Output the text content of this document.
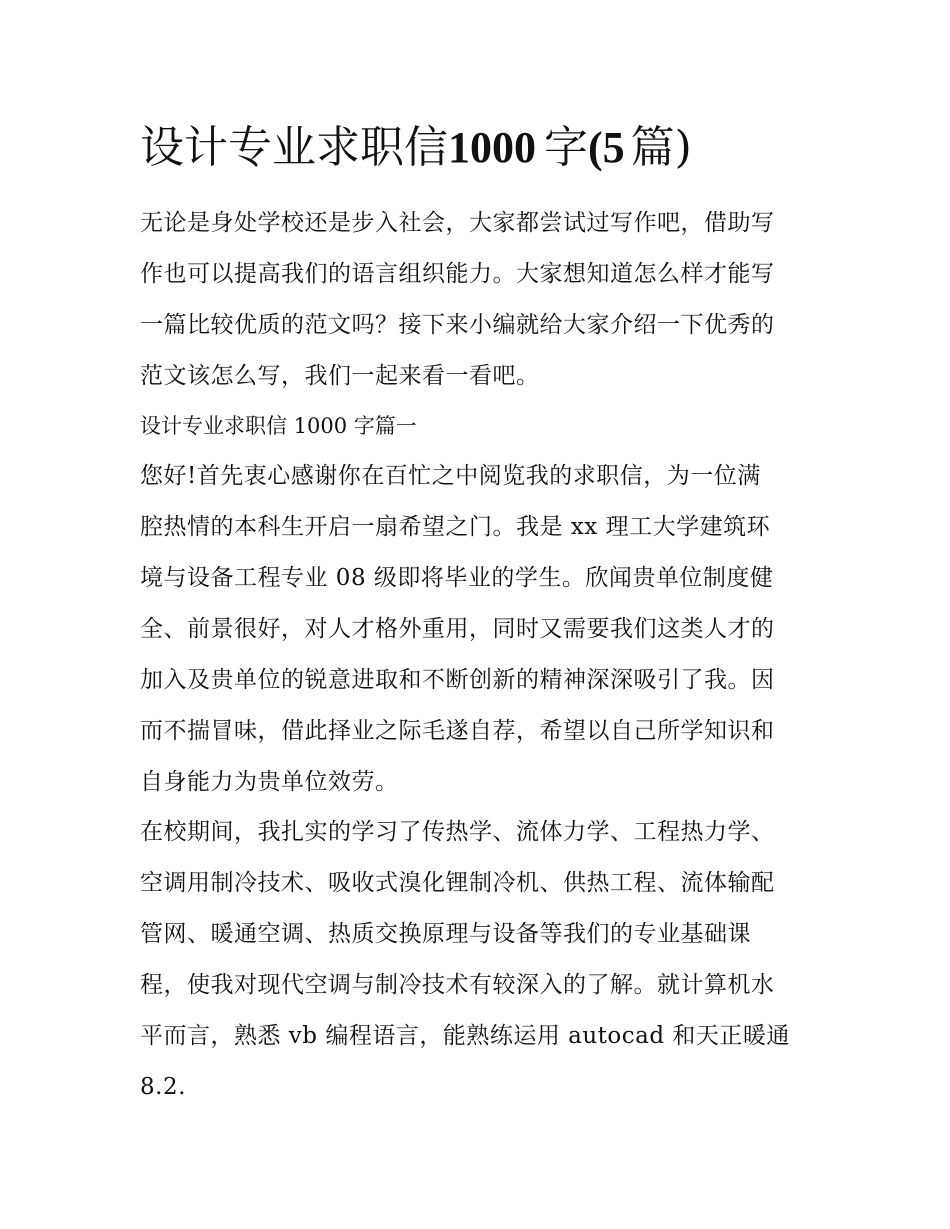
设计专业求职信1000 字(5 篇)

无论是身处学校还是步入社会，大家都尝试过写作吧，借助写

作也可以提高我们的语言组织能力。大家想知道怎么样才能写

一篇比较优质的范文吗？接下来小编就给大家介绍一下优秀的

范文该怎么写，我们一起来看一看吧。

设计专业求职信 1000 字篇一

您好!首先衷心感谢你在百忙之中阅览我的求职信，为一位满

腔热情的本科生开启一扇希望之门。我是 xx 理工大学建筑环

境与设备工程专业 08 级即将毕业的学生。欣闻贵单位制度健

全、前景很好，对人才格外重用，同时又需要我们这类人才的

加入及贵单位的锐意进取和不断创新的精神深深吸引了我。因

而不揣冒味，借此择业之际毛遂自荐，希望以自己所学知识和

自身能力为贵单位效劳。

在校期间，我扎实的学习了传热学、流体力学、工程热力学、

空调用制冷技术、吸收式溴化锂制冷机、供热工程、流体输配

管网、暖通空调、热质交换原理与设备等我们的专业基础课

程，使我对现代空调与制冷技术有较深入的了解。就计算机水

平而言，熟悉 vb 编程语言，能熟练运用 autocad 和天正暖通

8.2.
